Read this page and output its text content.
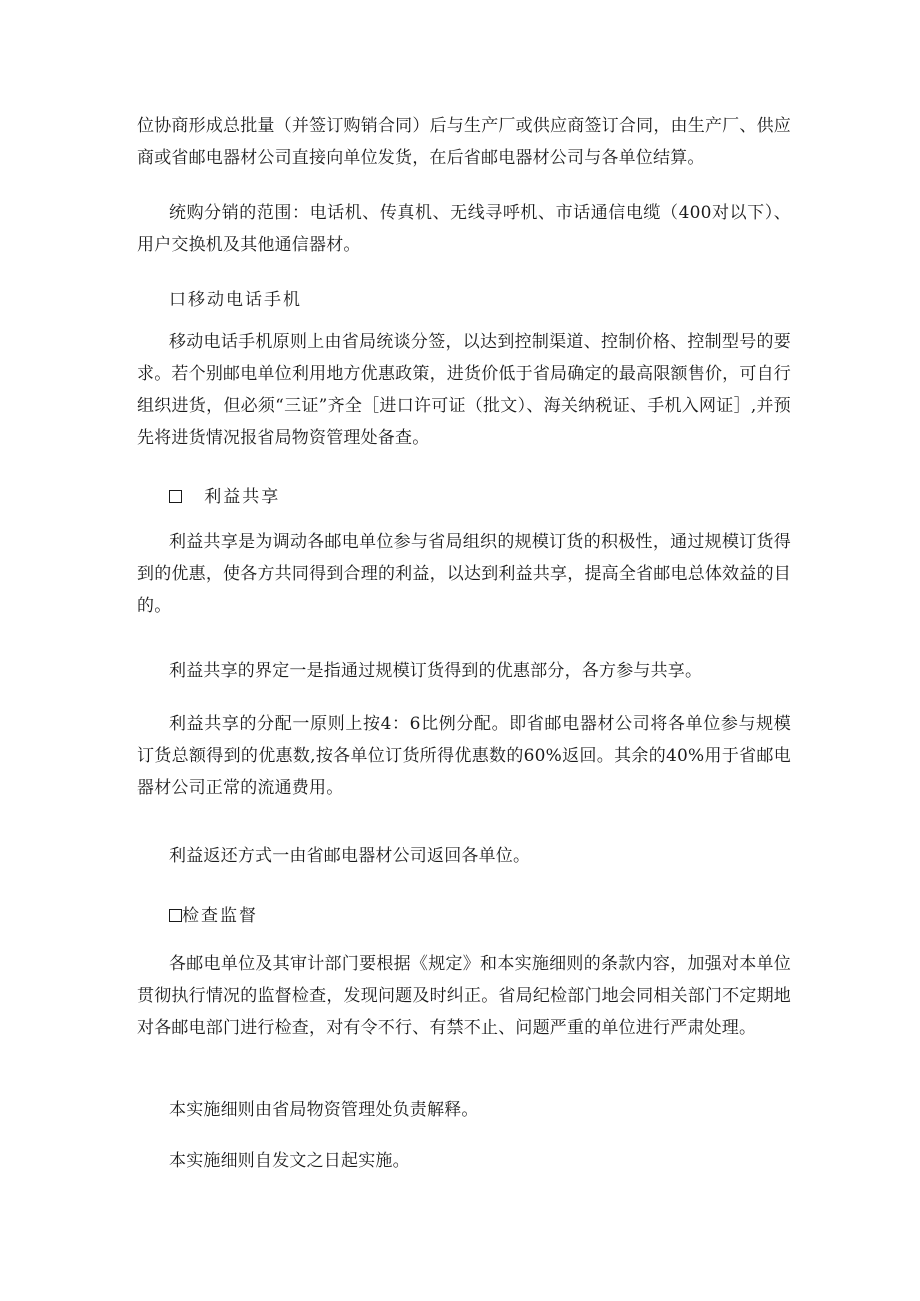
位协商形成总批量（并签订购销合同）后与生产厂或供应商签订合同，由生产厂、供应商或省邮电器材公司直接向单位发货，在后省邮电器材公司与各单位结算。

统购分销的范围：电话机、传真机、无线寻呼机、市话通信电缆（400对以下）、用户交换机及其他通信器材。

口移动电话手机

移动电话手机原则上由省局统谈分签，以达到控制渠道、控制价格、控制型号的要求。若个别邮电单位利用地方优惠政策，进货价低于省局确定的最高限额售价，可自行组织进货，但必须“三证”齐全［进口许可证（批文）、海关纳税证、手机入网证］,并预先将进货情况报省局物资管理处备查。

利益共享

利益共享是为调动各邮电单位参与省局组织的规模订货的积极性，通过规模订货得到的优惠，使各方共同得到合理的利益，以达到利益共享，提高全省邮电总体效益的目的。

利益共享的界定一是指通过规模订货得到的优惠部分，各方参与共享。

利益共享的分配一原则上按4：6比例分配。即省邮电器材公司将各单位参与规模订货总额得到的优惠数,按各单位订货所得优惠数的60%返回。其余的40%用于省邮电器材公司正常的流通费用。

利益返还方式一由省邮电器材公司返回各单位。

检查监督

各邮电单位及其审计部门要根据《规定》和本实施细则的条款内容，加强对本单位贯彻执行情况的监督检查，发现问题及时纠正。省局纪检部门地会同相关部门不定期地对各邮电部门进行检查，对有令不行、有禁不止、问题严重的单位进行严肃处理。

本实施细则由省局物资管理处负责解释。

本实施细则自发文之日起实施。
